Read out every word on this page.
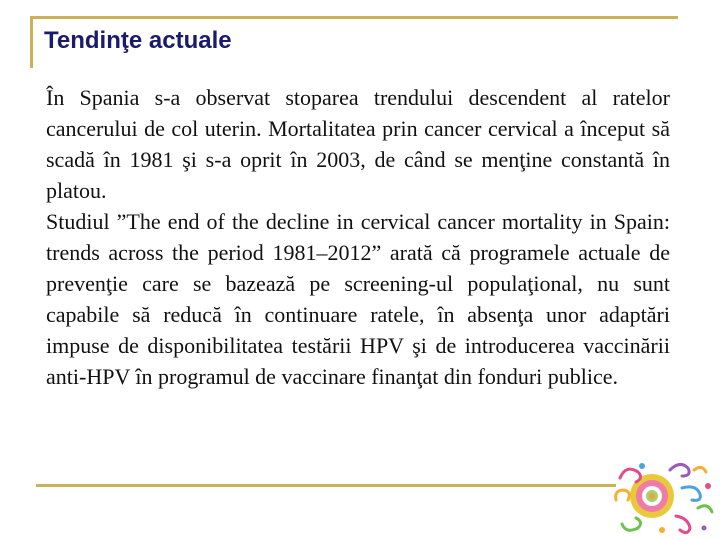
Tendinţe actuale

În Spania s-a observat stoparea trendului descendent al ratelor cancerului de col uterin. Mortalitatea prin cancer cervical a început să scadă în 1981 şi s-a oprit în 2003, de când se menţine constantă în platou.

Studiul ”The end of the decline in cervical cancer mortality in Spain: trends across the period 1981–2012” arată că programele actuale de prevenţie care se bazează pe screening-ul populaţional, nu sunt capabile să reducă în continuare ratele, în absenţa unor adaptări impuse de disponibilitatea testării HPV şi de introducerea vaccinării anti-HPV în programul de vaccinare finanţat din fonduri publice.
